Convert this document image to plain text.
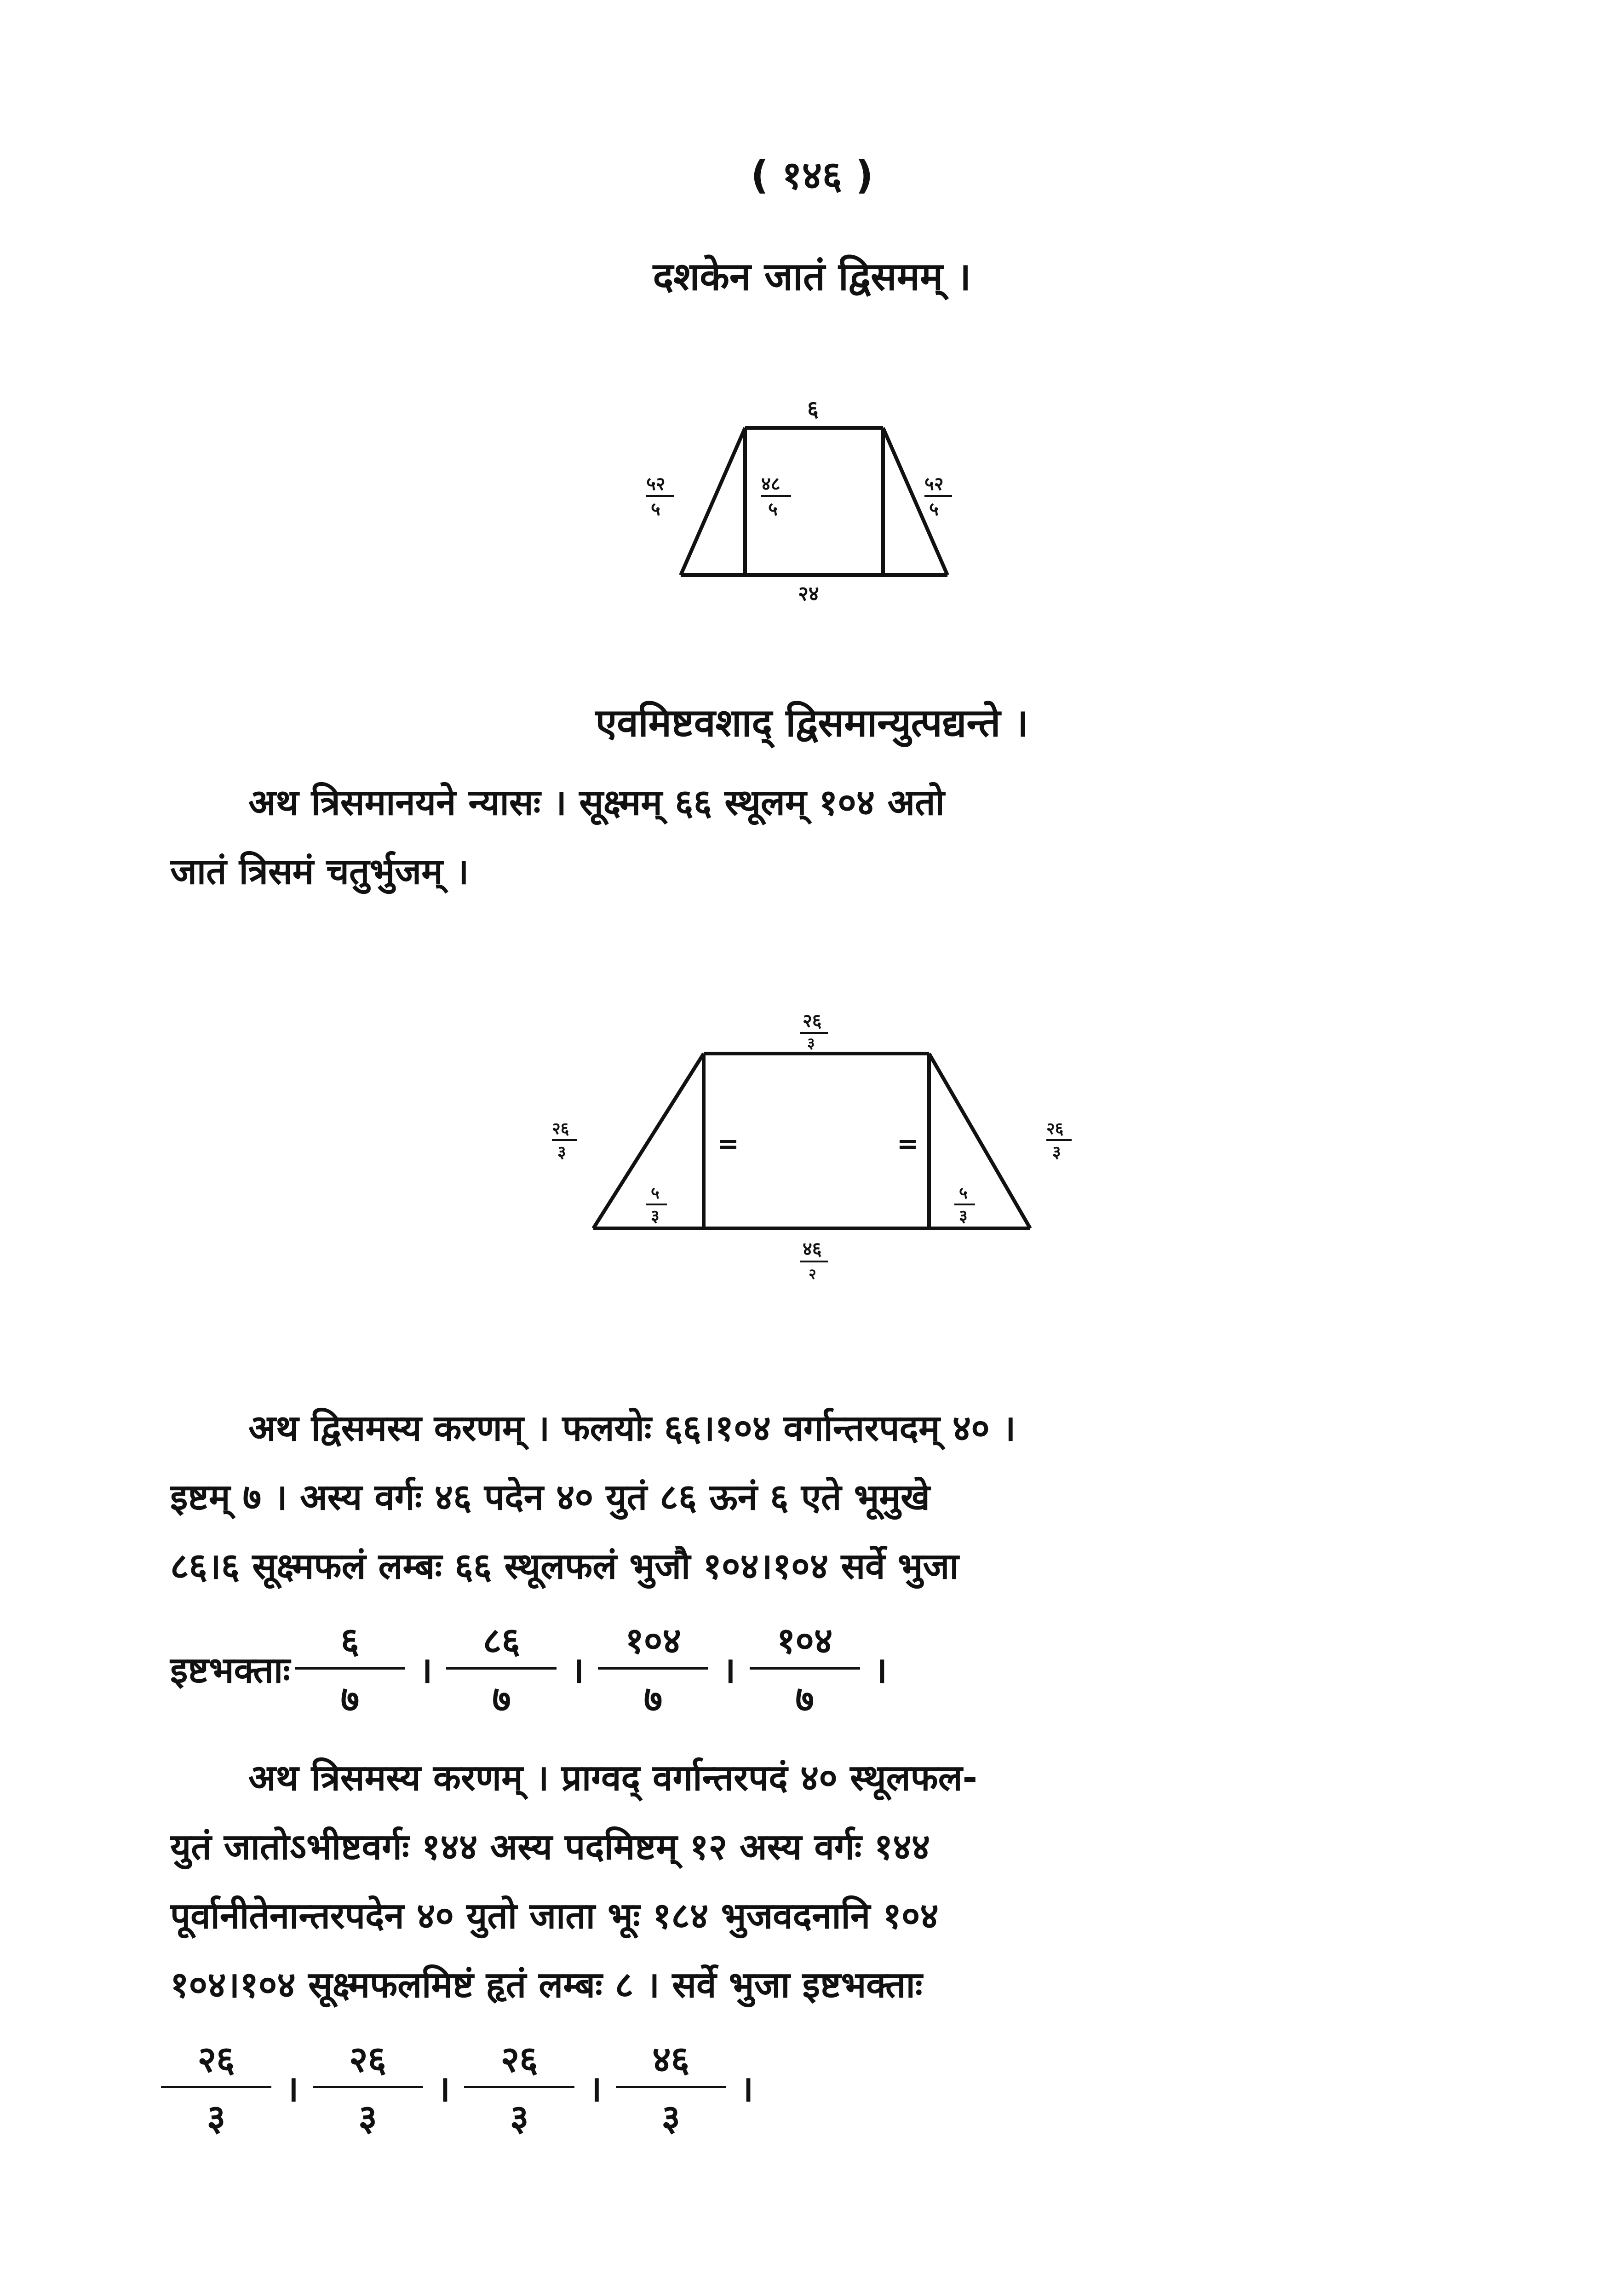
( १४६ )
दशकेन जातं द्विसमम् ।
६
५२
५
४८
५
५२
५
२४
एवमिष्टवशाद् द्विसमान्युत्पद्यन्ते ।
अथ त्रिसमानयने न्यासः । सूक्ष्मम् ६६ स्थूलम् १०४ अतो
जातं त्रिसमं चतुर्भुजम् ।
२६
३
२६
३
२६
३
=	=
५
३
५
३
४६
२
अथ द्विसमस्य करणम् । फलयोः ६६।१०४ वर्गान्तरपदम् ४० ।
इष्टम् ७ । अस्य वर्गः ४६ पदेन ४० युतं ८६ ऊनं ६ एते भूमुखे
८६।६ सूक्ष्मफलं लम्बः ६६ स्थूलफलं भुजौ १०४।१०४ सर्वे भुजा
इष्टभक्ताः $\frac{६}{७}$ । $\frac{८६}{७}$ । $\frac{१०४}{७}$ । $\frac{१०४}{७}$ ।
अथ त्रिसमस्य करणम् । प्राग्वद् वर्गान्तरपदं ४० स्थूलफल-
युतं जातोऽभीष्टवर्गः १४४ अस्य पदमिष्टम् १२ अस्य वर्गः १४४
पूर्वानीतेनान्तरपदेन ४० युतो जाता भूः १८४ भुजवदनानि १०४
१०४।१०४ सूक्ष्मफलमिष्टं हृतं लम्बः ८ । सर्वे भुजा इष्टभक्ताः
$\frac{२६}{३}$ । $\frac{२६}{३}$ । $\frac{२६}{३}$ । $\frac{४६}{३}$ ।
